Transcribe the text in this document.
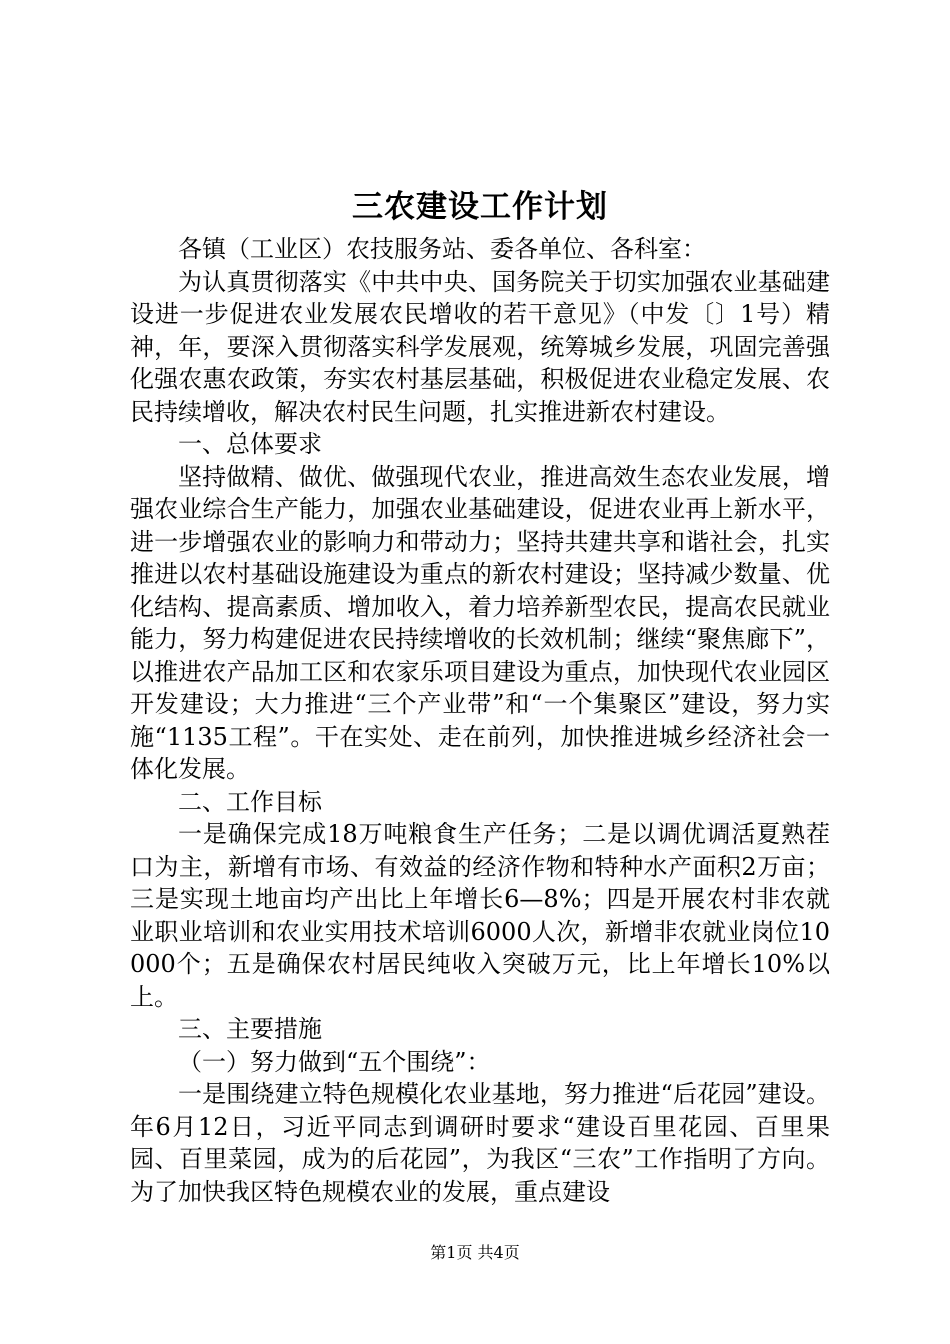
三农建设工作计划

各镇（工业区）农技服务站、委各单位、各科室：

为认真贯彻落实《中共中央、国务院关于切实加强农业基础建设进一步促进农业发展农民增收的若干意见》（中发〔〕1号）精神，年，要深入贯彻落实科学发展观，统筹城乡发展，巩固完善强化强农惠农政策，夯实农村基层基础，积极促进农业稳定发展、农民持续增收，解决农村民生问题，扎实推进新农村建设。

一、总体要求

坚持做精、做优、做强现代农业，推进高效生态农业发展，增强农业综合生产能力，加强农业基础建设，促进农业再上新水平，进一步增强农业的影响力和带动力；坚持共建共享和谐社会，扎实推进以农村基础设施建设为重点的新农村建设；坚持减少数量、优化结构、提高素质、增加收入，着力培养新型农民，提高农民就业能力，努力构建促进农民持续增收的长效机制；继续“聚焦廊下”，以推进农产品加工区和农家乐项目建设为重点，加快现代农业园区开发建设；大力推进“三个产业带”和“一个集聚区”建设，努力实施“1135工程”。干在实处、走在前列，加快推进城乡经济社会一体化发展。

二、工作目标

一是确保完成18万吨粮食生产任务；二是以调优调活夏熟茬口为主，新增有市场、有效益的经济作物和特种水产面积2万亩；三是实现土地亩均产出比上年增长6—8%；四是开展农村非农就业职业培训和农业实用技术培训6000人次，新增非农就业岗位10000个；五是确保农村居民纯收入突破万元，比上年增长10%以上。

三、主要措施

（一）努力做到“五个围绕”：

一是围绕建立特色规模化农业基地，努力推进“后花园”建设。年6月12日，习近平同志到调研时要求“建设百里花园、百里果园、百里菜园，成为的后花园”，为我区“三农”工作指明了方向。为了加快我区特色规模农业的发展，重点建设

第1页 共4页
